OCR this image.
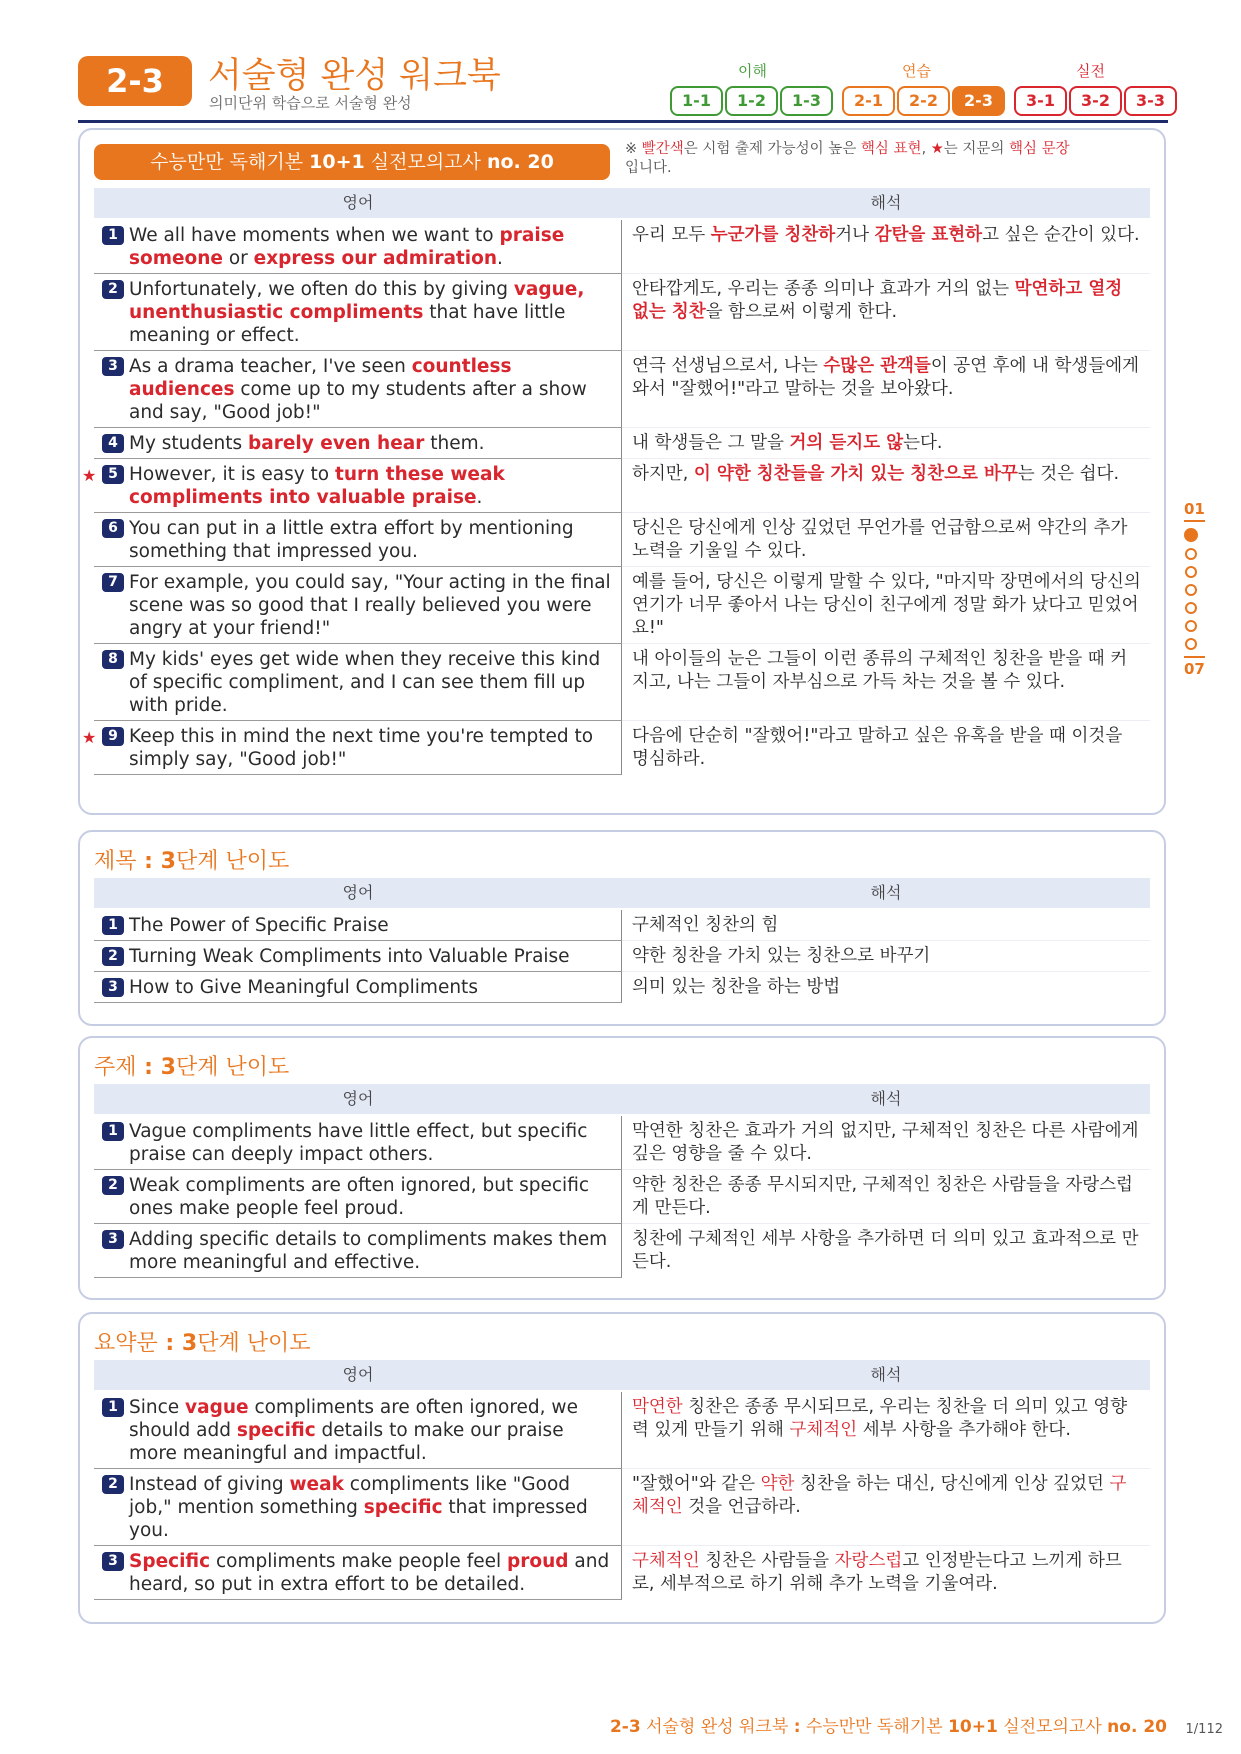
2-3	서술형 완성 워크북
의미단위 학습으로 서술형 완성
이해	연습	실전
1-1	1-2	1-3	2-1	2-2	2-3	3-1	3-2	3-3
수능만만 독해기본 10+1 실전모의고사 no. 20
※ 빨간색은 시험 출제 가능성이 높은 핵심 표현, ★는 지문의 핵심 문장
입니다.
영어	해석
1 We all have moments when we want to praise someone or express our admiration.
우리 모두 누군가를 칭찬하거나 감탄을 표현하고 싶은 순간이 있다.
2 Unfortunately, we often do this by giving vague, unenthusiastic compliments that have little meaning or effect.
안타깝게도, 우리는 종종 의미나 효과가 거의 없는 막연하고 열정 없는 칭찬을 함으로써 이렇게 한다.
3 As a drama teacher, I've seen countless audiences come up to my students after a show and say, "Good job!"
연극 선생님으로서, 나는 수많은 관객들이 공연 후에 내 학생들에게 와서 "잘했어!"라고 말하는 것을 보아왔다.
4 My students barely even hear them.	내 학생들은 그 말을 거의 듣지도 않는다.
★ 5 However, it is easy to turn these weak compliments into valuable praise.
하지만, 이 약한 칭찬들을 가치 있는 칭찬으로 바꾸는 것은 쉽다.
6 You can put in a little extra effort by mentioning something that impressed you.
당신은 당신에게 인상 깊었던 무언가를 언급함으로써 약간의 추가 노력을 기울일 수 있다.
7 For example, you could say, "Your acting in the final scene was so good that I really believed you were angry at your friend!"
예를 들어, 당신은 이렇게 말할 수 있다, "마지막 장면에서의 당신의 연기가 너무 좋아서 나는 당신이 친구에게 정말 화가 났다고 믿었어요!"
8 My kids' eyes get wide when they receive this kind of specific compliment, and I can see them fill up with pride.
내 아이들의 눈은 그들이 이런 종류의 구체적인 칭찬을 받을 때 커지고, 나는 그들이 자부심으로 가득 차는 것을 볼 수 있다.
★ 9 Keep this in mind the next time you're tempted to simply say, "Good job!"
다음에 단순히 "잘했어!"라고 말하고 싶은 유혹을 받을 때 이것을 명심하라.
제목 : 3단계 난이도
영어	해석
1 The Power of Specific Praise	구체적인 칭찬의 힘
2 Turning Weak Compliments into Valuable Praise	약한 칭찬을 가치 있는 칭찬으로 바꾸기
3 How to Give Meaningful Compliments	의미 있는 칭찬을 하는 방법
주제 : 3단계 난이도
영어	해석
1 Vague compliments have little effect, but specific praise can deeply impact others.
막연한 칭찬은 효과가 거의 없지만, 구체적인 칭찬은 다른 사람에게 깊은 영향을 줄 수 있다.
2 Weak compliments are often ignored, but specific ones make people feel proud.
약한 칭찬은 종종 무시되지만, 구체적인 칭찬은 사람들을 자랑스럽게 만든다.
3 Adding specific details to compliments makes them more meaningful and effective.
칭찬에 구체적인 세부 사항을 추가하면 더 의미 있고 효과적으로 만든다.
요약문 : 3단계 난이도
영어	해석
1 Since vague compliments are often ignored, we should add specific details to make our praise more meaningful and impactful.
막연한 칭찬은 종종 무시되므로, 우리는 칭찬을 더 의미 있고 영향력 있게 만들기 위해 구체적인 세부 사항을 추가해야 한다.
2 Instead of giving weak compliments like "Good job," mention something specific that impressed you.
"잘했어"와 같은 약한 칭찬을 하는 대신, 당신에게 인상 깊었던 구체적인 것을 언급하라.
3 Specific compliments make people feel proud and heard, so put in extra effort to be detailed.
구체적인 칭찬은 사람들을 자랑스럽고 인정받는다고 느끼게 하므로, 세부적으로 하기 위해 추가 노력을 기울여라.
01
07
2-3 서술형 완성 워크북 : 수능만만 독해기본 10+1 실전모의고사 no. 20 1/112
